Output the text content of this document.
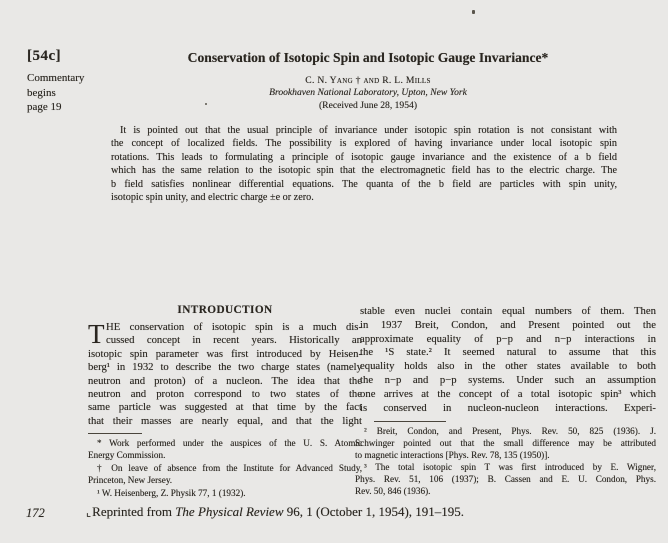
[54c]
Commentary
begins
page 19
Conservation of Isotopic Spin and Isotopic Gauge Invariance*
C. N. Yang † and R. L. Mills
Brookhaven National Laboratory, Upton, New York
(Received June 28, 1954)
It is pointed out that the usual principle of invariance under isotopic spin rotation is not consistant with
the concept of localized fields. The possibility is explored of having invariance under local isotopic spin
rotations. This leads to formulating a principle of isotopic gauge invariance and the existence of a b field
which has the same relation to the isotopic spin that the electromagnetic field has to the electric charge. The
b field satisfies nonlinear differential equations. The quanta of the b field are particles with spin unity,
isotopic spin unity, and electric charge ±e or zero.
INTRODUCTION
T HE conservation of isotopic spin is a much dis-
cussed concept in recent years. Historically an
isotopic spin parameter was first introduced by Heisen-
berg¹ in 1932 to describe the two charge states (namely
neutron and proton) of a nucleon. The idea that the
neutron and proton correspond to two states of the
same particle was suggested at that time by the fact
that their masses are nearly equal, and that the light
stable even nuclei contain equal numbers of them. Then
in 1937 Breit, Condon, and Present pointed out the
approximate equality of p−p and n−p interactions in
the ¹S state.² It seemed natural to assume that this
equality holds also in the other states available to both
the n−p and p−p systems. Under such an assumption
one arrives at the concept of a total isotopic spin³ which
is conserved in nucleon-nucleon interactions. Experi-
* Work performed under the auspices of the U. S. Atomic
Energy Commission.
† On leave of absence from the Institute for Advanced Study,
Princeton, New Jersey.
¹ W. Heisenberg, Z. Physik 77, 1 (1932).
² Breit, Condon, and Present, Phys. Rev. 50, 825 (1936). J.
Schwinger pointed out that the small difference may be attributed
to magnetic interactions [Phys. Rev. 78, 135 (1950)].
³ The total isotopic spin T was first introduced by E. Wigner,
Phys. Rev. 51, 106 (1937); B. Cassen and E. U. Condon, Phys.
Rev. 50, 846 (1936).
172	⌞Reprinted from The Physical Review 96, 1 (October 1, 1954), 191–195.
